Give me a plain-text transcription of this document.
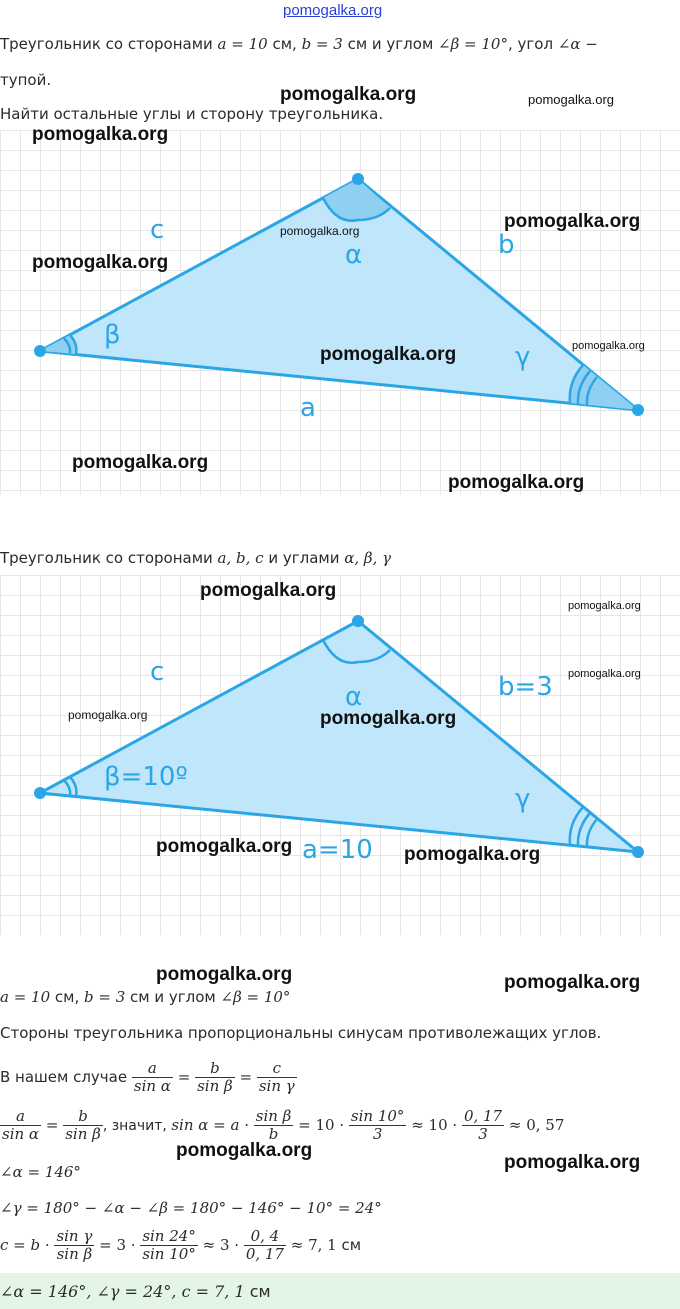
pomogalka.org
Треугольник со сторонами a = 10 см, b = 3 см и углом ∠β = 10°, угол ∠α −
тупой.
Найти остальные углы и сторону треугольника.
c	b
a
α
β
γ
Треугольник со сторонами a, b, c и углами α, β, γ
c	b=3
a=10
α
β=10º
γ
a = 10 см, b = 3 см и углом ∠β = 10°
Стороны треугольника пропорциональны синусам противолежащих углов.
В нашем случае $\frac{a}{\text{sin α}} = \frac{b}{\text{sin β}} = \frac{c}{\text{sin γ}}$
$\frac{a}{\text{sin α}} = \frac{b}{\text{sin β}}$ , значит, $\sin \alpha = a \cdot \frac{\text{sin β}}{b} = 10 \cdot \frac{\sin 10^\circ}{3} \approx 10 \cdot \frac{0, 17}{3} \approx 0$, 57
∠α = 146°
∠γ = 180° − ∠α − ∠β = 180° − 146° − 10° = 24°
$c = b \cdot \frac{\text{sin γ}}{\text{sin β}} = 3 \cdot \frac{\sin 24^\circ}{\sin 10^\circ} \approx 3 \cdot \frac{0, 4}{0, 17} \approx 7$, 1 см
∠α = 146°, ∠γ = 24°, c = 7, 1 см
pomogalka.org	pomogalka.org
pomogalka.org
pomogalka.org
pomogalka.org
pomogalka.org
pomogalka.org	pomogalka.org
pomogalka.org
pomogalka.org
pomogalka.org
pomogalka.org
pomogalka.org
pomogalka.org	pomogalka.org
pomogalka.org	pomogalka.org
pomogalka.org	pomogalka.org
pomogalka.org
pomogalka.org
